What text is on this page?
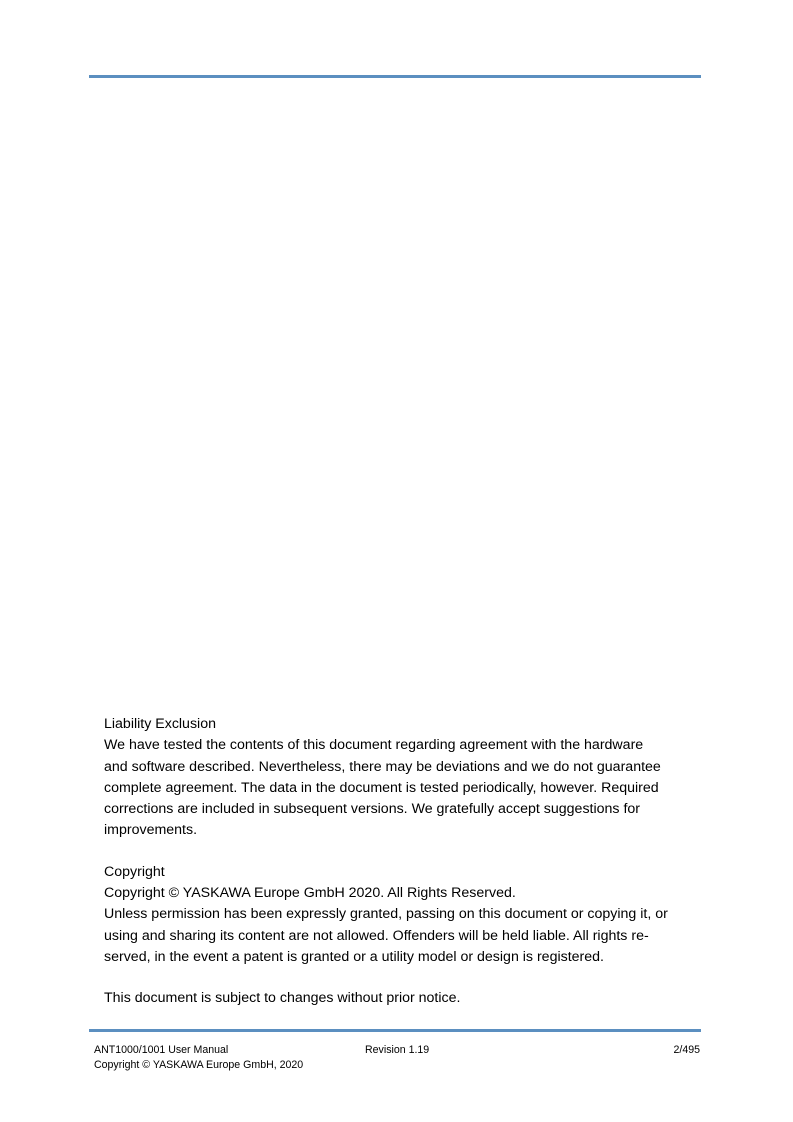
Liability Exclusion

We have tested the contents of this document regarding agreement with the hardware

and software described. Nevertheless, there may be deviations and we do not guarantee

complete agreement. The data in the document is tested periodically, however. Required

corrections are included in subsequent versions. We gratefully accept suggestions for

improvements.

Copyright

Copyright © YASKAWA Europe GmbH 2020. All Rights Reserved.

Unless permission has been expressly granted, passing on this document or copying it, or

using and sharing its content are not allowed. Offenders will be held liable. All rights re-

served, in the event a patent is granted or a utility model or design is registered.

This document is subject to changes without prior notice.

ANT1000/1001 User Manual
Copyright © YASKAWA Europe GmbH, 2020
Revision 1.19	2/495
